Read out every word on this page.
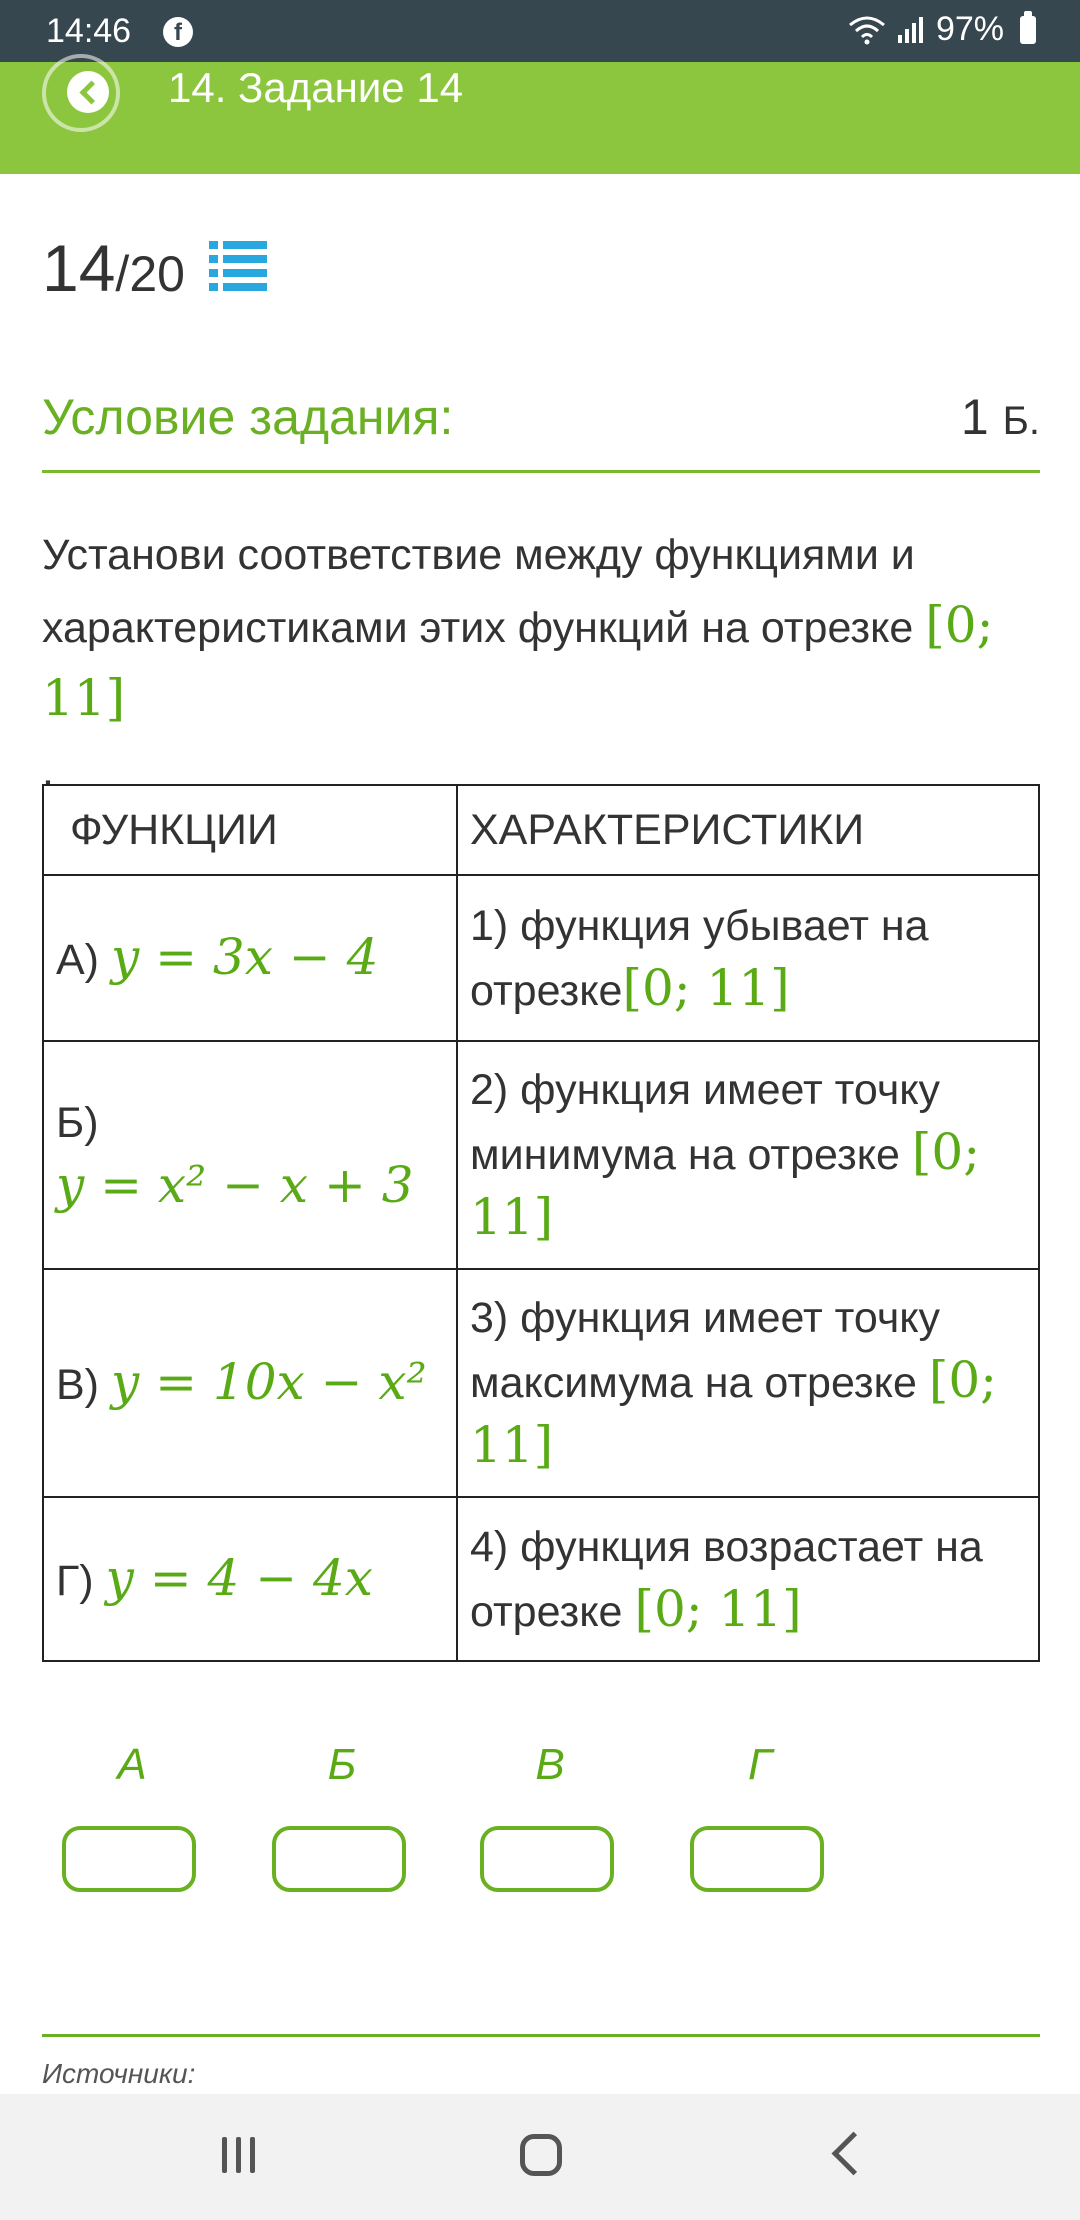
14:46	f	97%
14. Задание 14
14 /20
Условие задания:	1 Б.
Установи соответствие между функциями и
характеристиками этих функций на отрезке [0; 11]
.
ФУНКЦИИ	ХАРАКТЕРИСТИКИ
А) y = 3x − 4	1) функция убывает на отрезке[0; 11]
Б)
y = x² − x + 3	2) функция имеет точку минимума на отрезке [0; 11]
В) y = 10x − x²	3) функция имеет точку максимума на отрезке [0; 11]
Г) y = 4 − 4x	4) функция возрастает на отрезке [0; 11]
А	Б	В	Г
Источники:
